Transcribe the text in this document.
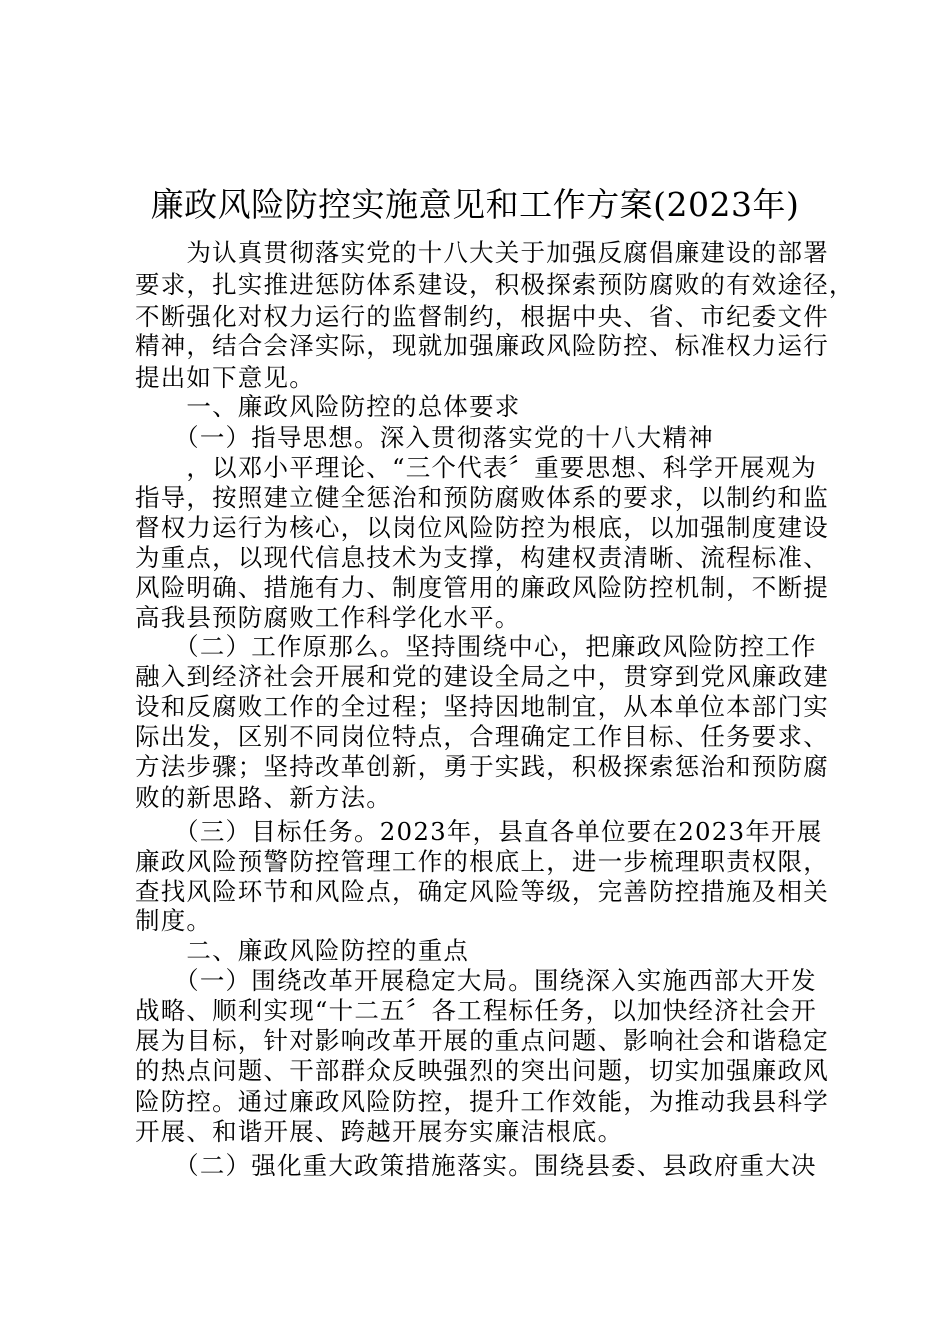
廉政风险防控实施意见和工作方案(2023年)
　　为认真贯彻落实党的十八大关于加强反腐倡廉建设的部署
要求，扎实推进惩防体系建设，积极探索预防腐败的有效途径，
不断强化对权力运行的监督制约，根据中央、省、市纪委文件
精神，结合会泽实际，现就加强廉政风险防控、标准权力运行
提出如下意见。
　　一、廉政风险防控的总体要求
　　（一）指导思想。深入贯彻落实党的十八大精神
　　，以邓小平理论、“三个代表〞重要思想、科学开展观为
指导，按照建立健全惩治和预防腐败体系的要求，以制约和监
督权力运行为核心，以岗位风险防控为根底，以加强制度建设
为重点，以现代信息技术为支撑，构建权责清晰、流程标准、
风险明确、措施有力、制度管用的廉政风险防控机制，不断提
高我县预防腐败工作科学化水平。
　　（二）工作原那么。坚持围绕中心，把廉政风险防控工作
融入到经济社会开展和党的建设全局之中，贯穿到党风廉政建
设和反腐败工作的全过程；坚持因地制宜，从本单位本部门实
际出发，区别不同岗位特点，合理确定工作目标、任务要求、
方法步骤；坚持改革创新，勇于实践，积极探索惩治和预防腐
败的新思路、新方法。
　　（三）目标任务。2023年，县直各单位要在2023年开展
廉政风险预警防控管理工作的根底上，进一步梳理职责权限，
查找风险环节和风险点，确定风险等级，完善防控措施及相关
制度。
　　二、廉政风险防控的重点
　　（一）围绕改革开展稳定大局。围绕深入实施西部大开发
战略、顺利实现“十二五〞各工程标任务，以加快经济社会开
展为目标，针对影响改革开展的重点问题、影响社会和谐稳定
的热点问题、干部群众反映强烈的突出问题，切实加强廉政风
险防控。通过廉政风险防控，提升工作效能，为推动我县科学
开展、和谐开展、跨越开展夯实廉洁根底。
　　（二）强化重大政策措施落实。围绕县委、县政府重大决
